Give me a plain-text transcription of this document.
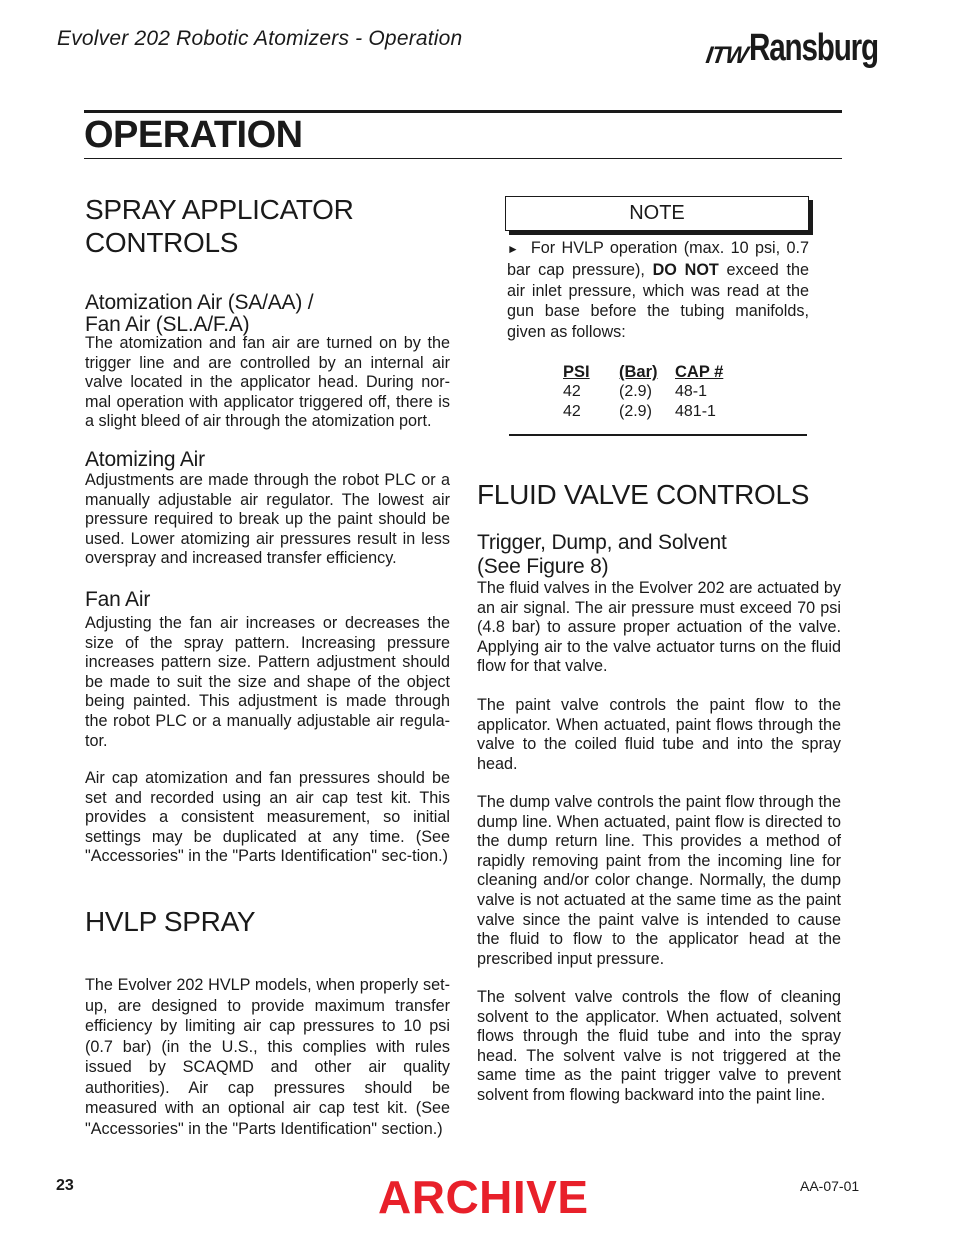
Evolver 202 Robotic Atomizers - Operation
ITW Ransburg
OPERATION
SPRAY APPLICATOR
CONTROLS
Atomization Air (SA/AA) /
Fan Air (SL.A/F.A)
The atomization and fan air are turned on by the trigger line and are controlled by an internal air valve located in the applicator head. During nor-mal operation with applicator triggered off, there is a slight bleed of air through the atomization port.
Atomizing Air
Adjustments are made through the robot PLC or a manually adjustable air regulator. The lowest air pressure required to break up the paint should be used. Lower atomizing air pressures result in less overspray and increased transfer efficiency.
Fan Air
Adjusting the fan air increases or decreases the size of the spray pattern. Increasing pressure increases pattern size. Pattern adjustment should be made to suit the size and shape of the object being painted. This adjustment is made through the robot PLC or a manually adjustable air regula-tor.
Air cap atomization and fan pressures should be set and recorded using an air cap test kit. This provides a consistent measurement, so initial settings may be duplicated at any time. (See "Accessories" in the "Parts Identification" sec-tion.)
HVLP SPRAY
The Evolver 202 HVLP models, when properly set-up, are designed to provide maximum transfer efficiency by limiting air cap pressures to 10 psi (0.7 bar) (in the U.S., this complies with rules issued by SCAQMD and other air quality authorities). Air cap pressures should be measured with an optional air cap test kit. (See "Accessories" in the "Parts Identification" section.)
NOTE
► For HVLP operation (max. 10 psi, 0.7 bar cap pressure), DO NOT exceed the air inlet pressure, which was read at the gun base before the tubing manifolds, given as follows:
PSI	(Bar)	CAP #
42	(2.9)	48-1
42	(2.9)	481-1
FLUID VALVE CONTROLS
Trigger, Dump, and Solvent
(See Figure 8)
The fluid valves in the Evolver 202 are actuated by an air signal. The air pressure must exceed 70 psi (4.8 bar) to assure proper actuation of the valve. Applying air to the valve actuator turns on the fluid flow for that valve.
The paint valve controls the paint flow to the applicator. When actuated, paint flows through the valve to the coiled fluid tube and into the spray head.
The dump valve controls the paint flow through the dump line. When actuated, paint flow is directed to the dump return line. This provides a method of rapidly removing paint from the incoming line for cleaning and/or color change. Normally, the dump valve is not actuated at the same time as the paint valve since the paint valve is intended to cause the fluid to flow to the applicator head at the prescribed input pressure.
The solvent valve controls the flow of cleaning solvent to the applicator. When actuated, solvent flows through the fluid tube and into the spray head. The solvent valve is not triggered at the same time as the paint trigger valve to prevent solvent from flowing backward into the paint line.
23	ARCHIVE	AA-07-01
